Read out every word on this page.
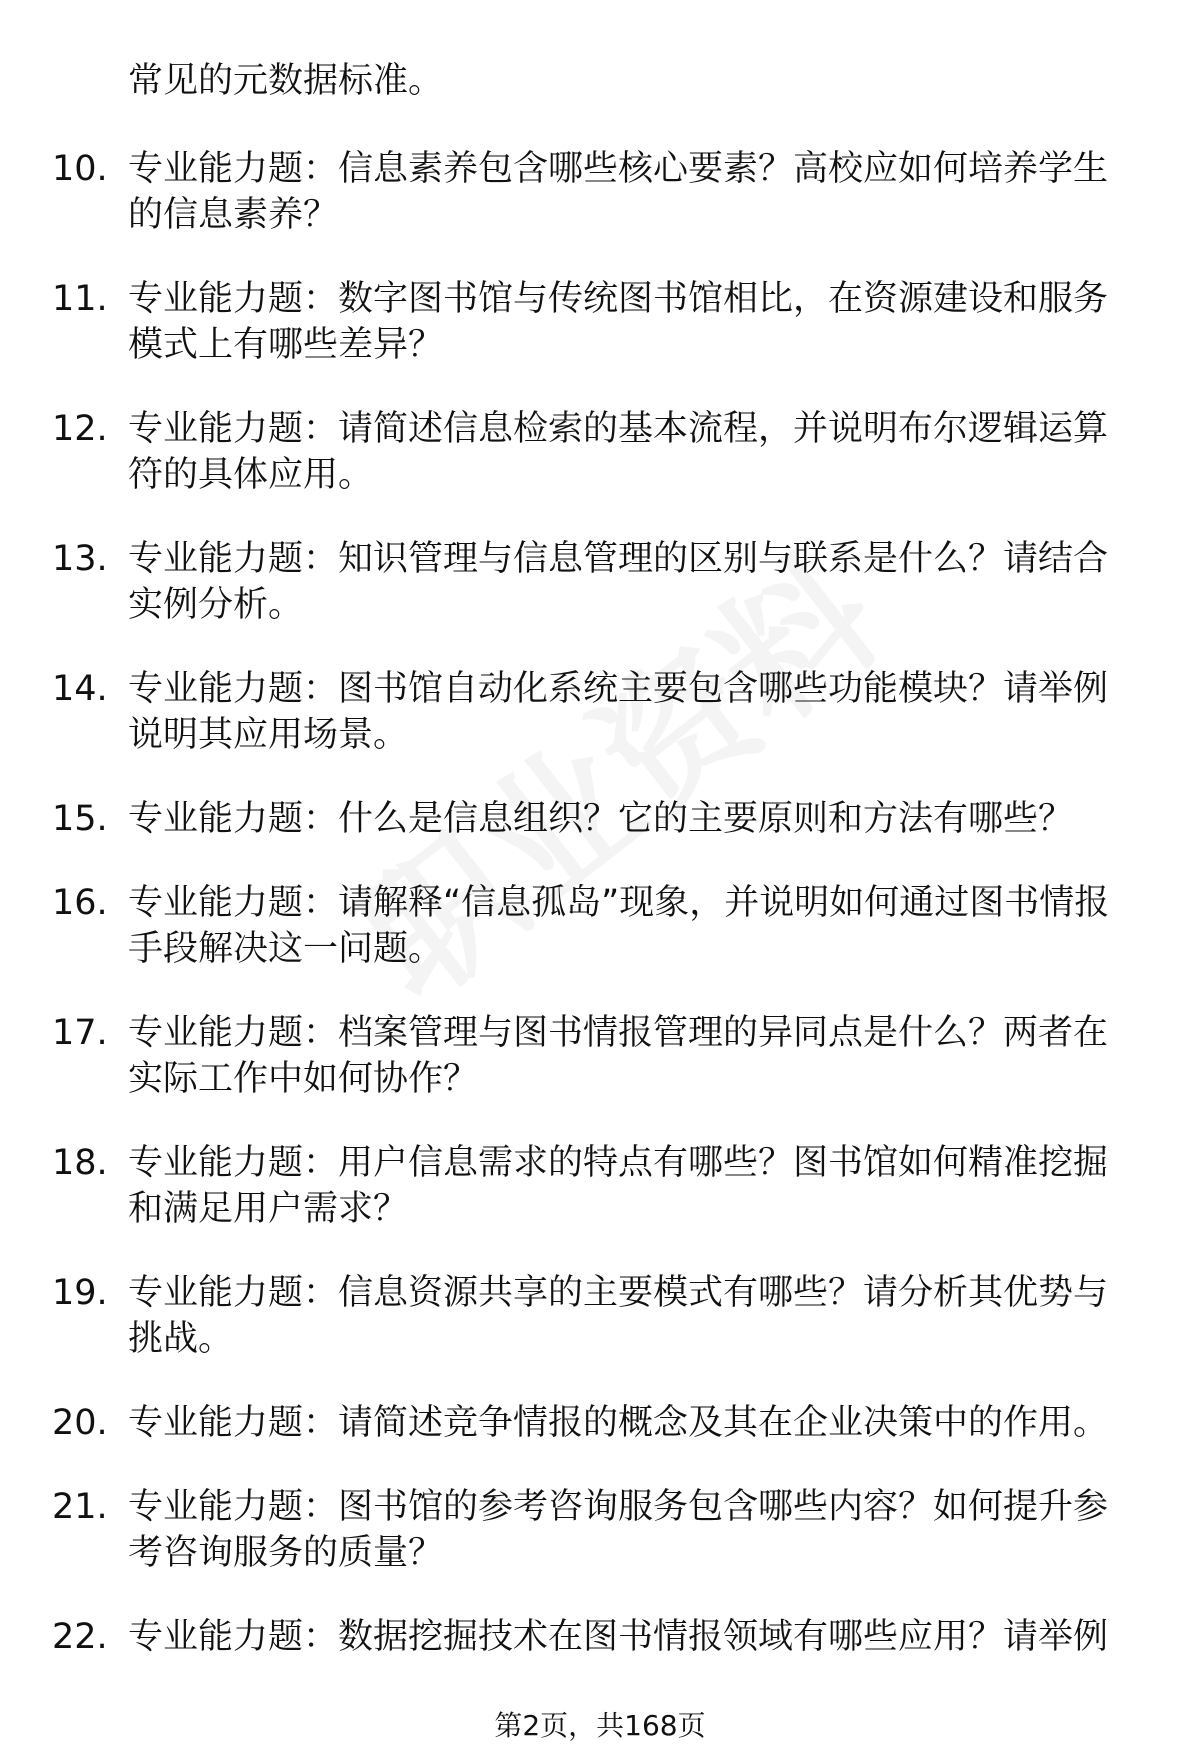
常见的元数据标准。

10. 专业能力题：信息素养包含哪些核心要素？高校应如何培养学生的信息素养？
11. 专业能力题：数字图书馆与传统图书馆相比，在资源建设和服务模式上有哪些差异？
12. 专业能力题：请简述信息检索的基本流程，并说明布尔逻辑运算符的具体应用。
13. 专业能力题：知识管理与信息管理的区别与联系是什么？请结合实例分析。
14. 专业能力题：图书馆自动化系统主要包含哪些功能模块？请举例说明其应用场景。
15. 专业能力题：什么是信息组织？它的主要原则和方法有哪些？
16. 专业能力题：请解释“信息孤岛”现象，并说明如何通过图书情报手段解决这一问题。
17. 专业能力题：档案管理与图书情报管理的异同点是什么？两者在实际工作中如何协作？
18. 专业能力题：用户信息需求的特点有哪些？图书馆如何精准挖掘和满足用户需求？
19. 专业能力题：信息资源共享的主要模式有哪些？请分析其优势与挑战。
20. 专业能力题：请简述竞争情报的概念及其在企业决策中的作用。
21. 专业能力题：图书馆的参考咨询服务包含哪些内容？如何提升参考咨询服务的质量？
22. 专业能力题：数据挖掘技术在图书情报领域有哪些应用？请举例
第2页，共168页
